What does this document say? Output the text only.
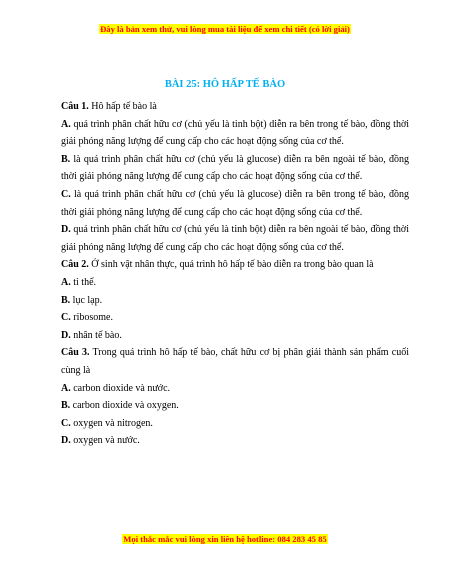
Đây là bản xem thử, vui lòng mua tài liệu để xem chi tiết (có lời giải)
BÀI 25: HÔ HẤP TẾ BÀO

Câu 1. Hô hấp tế bào là

A. quá trình phân chất hữu cơ (chủ yếu là tinh bột) diễn ra bên trong tế bào, đồng thời giải phóng năng lượng để cung cấp cho các hoạt động sống của cơ thể.

B. là quá trình phân chất hữu cơ (chủ yếu là glucose) diễn ra bên ngoài tế bào, đồng thời giải phóng năng lượng để cung cấp cho các hoạt động sống của cơ thể.

C. là quá trình phân chất hữu cơ (chủ yếu là glucose) diễn ra bên trong tế bào, đồng thời giải phóng năng lượng để cung cấp cho các hoạt động sống của cơ thể.

D. quá trình phân chất hữu cơ (chủ yếu là tinh bột) diễn ra bên ngoài tế bào, đồng thời giải phóng năng lượng để cung cấp cho các hoạt động sống của cơ thể.

Câu 2. Ở sinh vật nhân thực, quá trình hô hấp tế bào diễn ra trong bào quan là

A. ti thể.

B. lục lạp.

C. ribosome.

D. nhân tế bào.

Câu 3. Trong quá trình hô hấp tế bào, chất hữu cơ bị phân giải thành sản phẩm cuối cùng là

A. carbon dioxide và nước.

B. carbon dioxide và oxygen.

C. oxygen và nitrogen.

D. oxygen và nước.

Mọi thắc mắc vui lòng xin liên hệ hotline: 084 283 45 85
